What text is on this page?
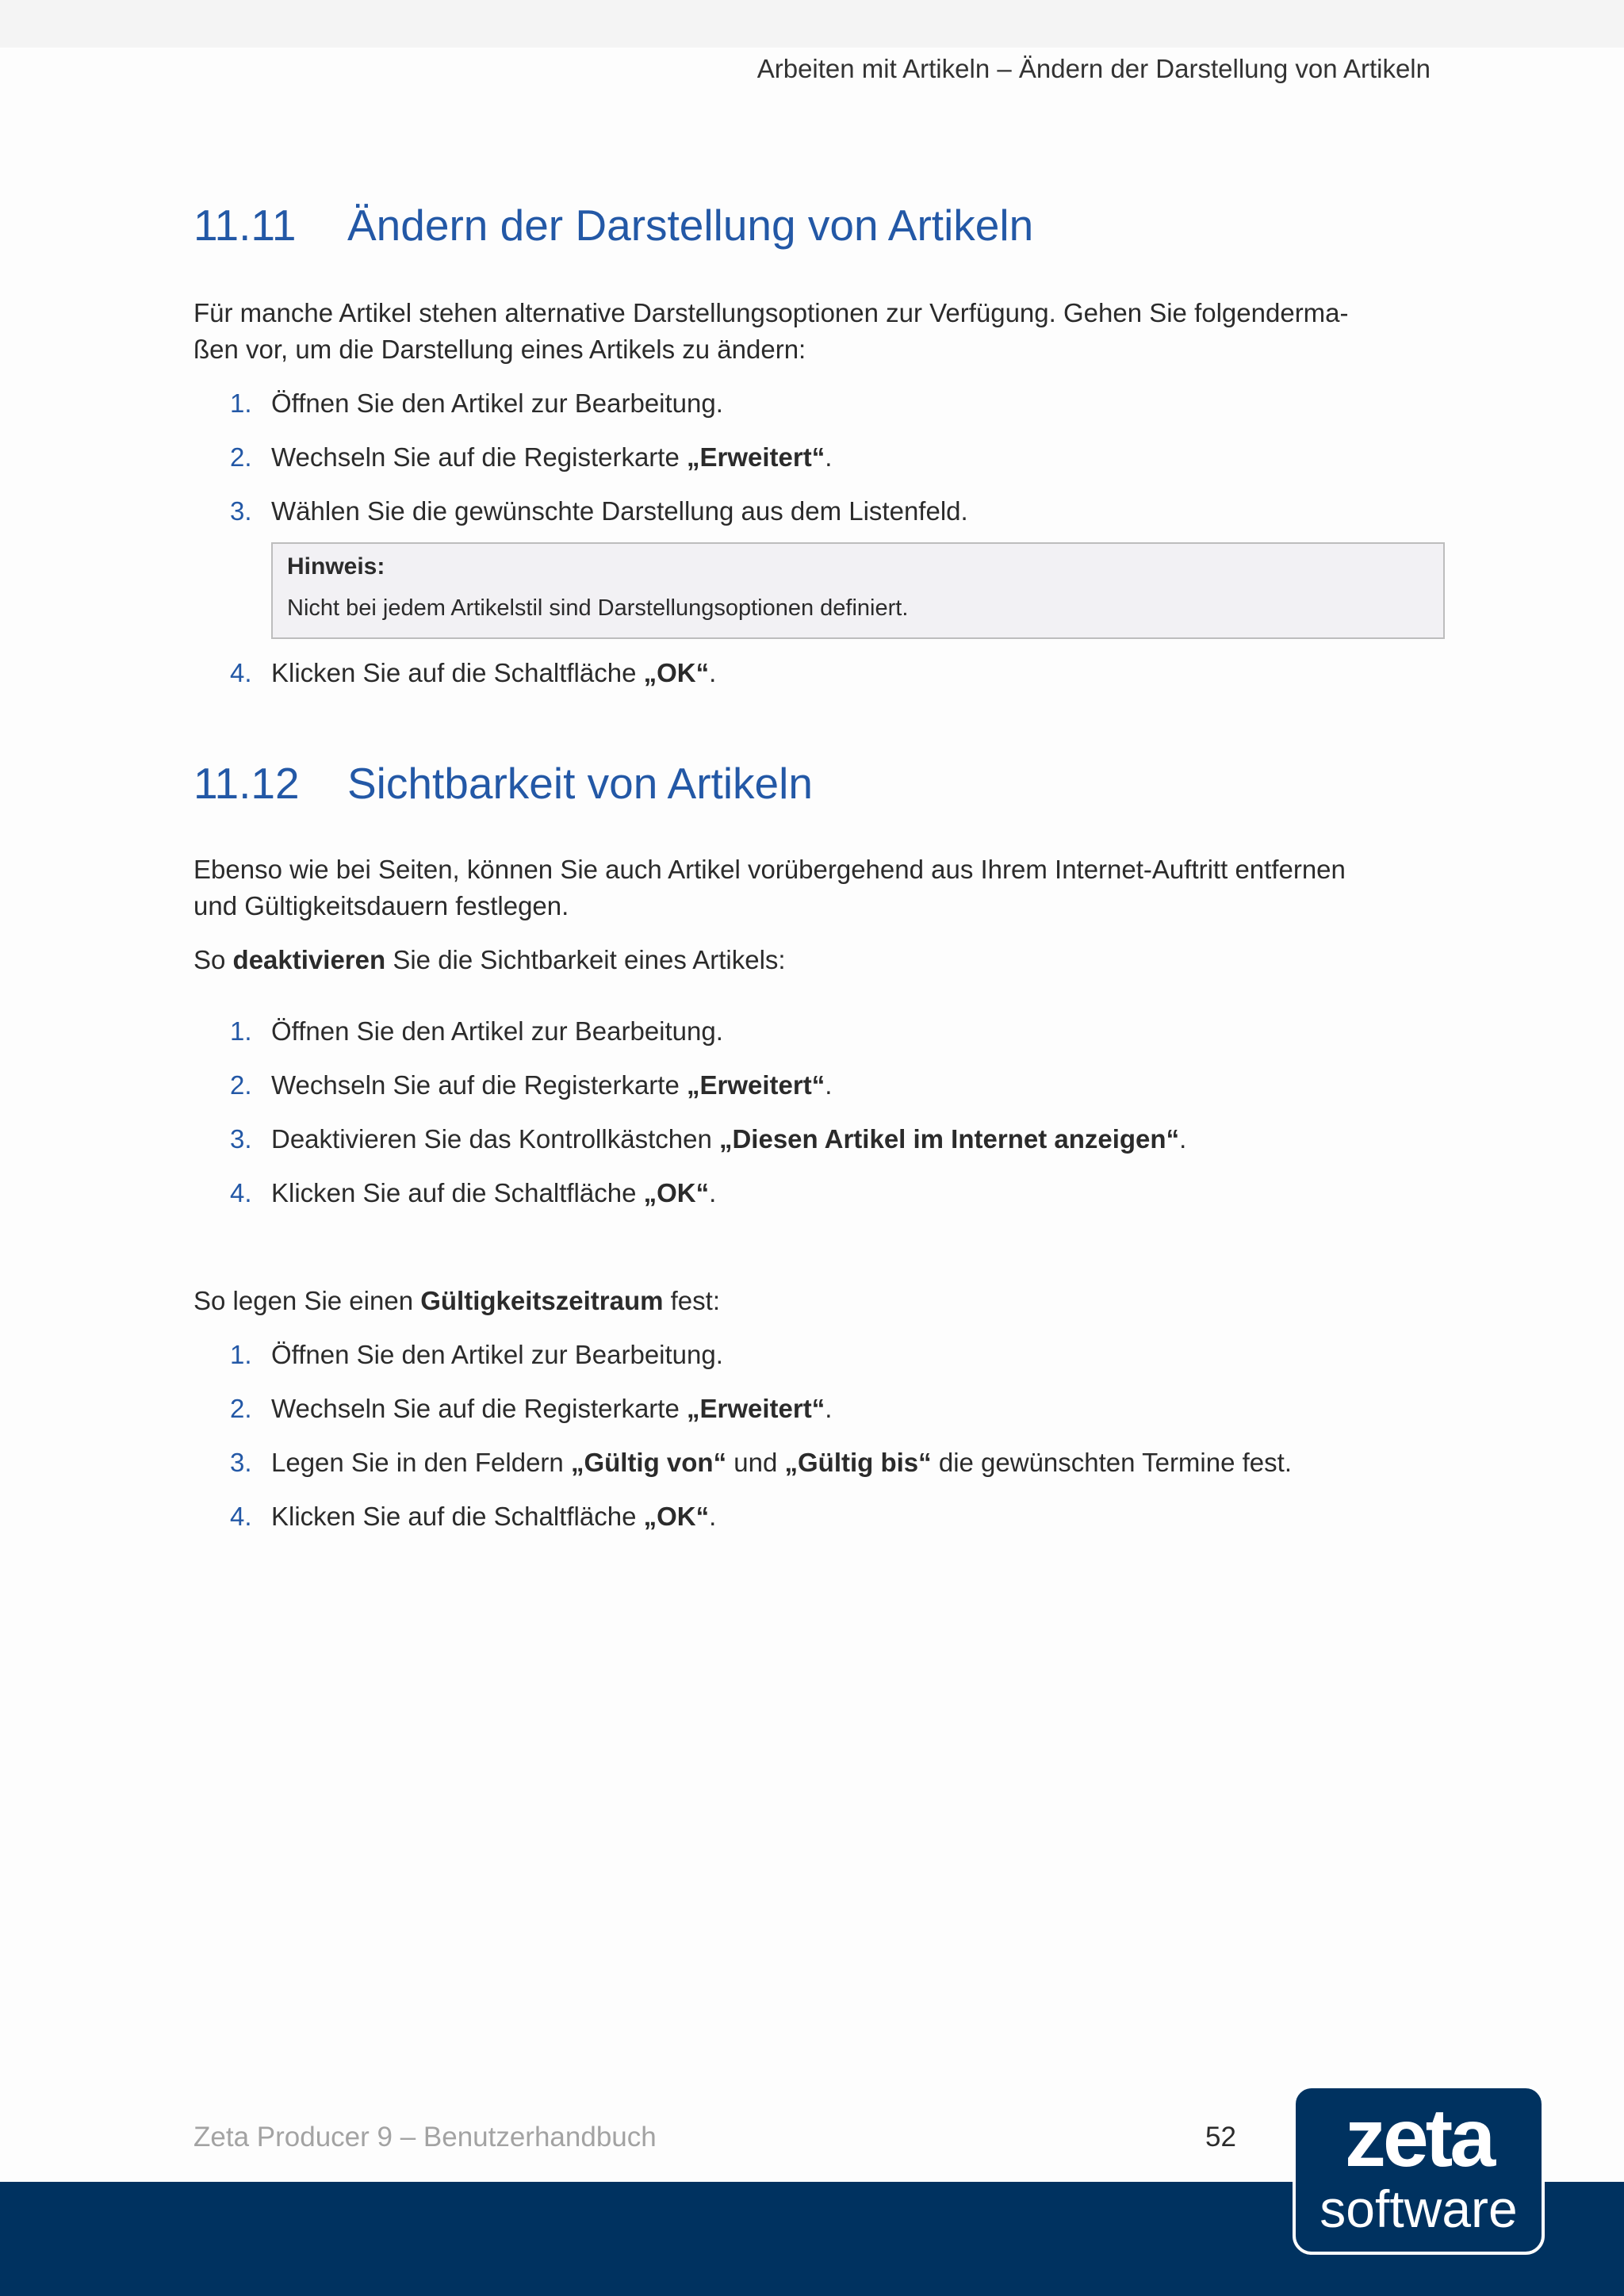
Arbeiten mit Artikeln – Ändern der Darstellung von Artikeln
11.11 Ändern der Darstellung von Artikeln

Für manche Artikel stehen alternative Darstellungsoptionen zur Verfügung. Gehen Sie folgenderma-
ßen vor, um die Darstellung eines Artikels zu ändern:

1. Öffnen Sie den Artikel zur Bearbeitung.
2. Wechseln Sie auf die Registerkarte „Erweitert“.
3. Wählen Sie die gewünschte Darstellung aus dem Listenfeld.
Hinweis:
Nicht bei jedem Artikelstil sind Darstellungsoptionen definiert.
4. Klicken Sie auf die Schaltfläche „OK“.
11.12 Sichtbarkeit von Artikeln

Ebenso wie bei Seiten, können Sie auch Artikel vorübergehend aus Ihrem Internet-Auftritt entfernen
und Gültigkeitsdauern festlegen.

So deaktivieren Sie die Sichtbarkeit eines Artikels:

1. Öffnen Sie den Artikel zur Bearbeitung.
2. Wechseln Sie auf die Registerkarte „Erweitert“.
3. Deaktivieren Sie das Kontrollkästchen „Diesen Artikel im Internet anzeigen“.
4. Klicken Sie auf die Schaltfläche „OK“.

So legen Sie einen Gültigkeitszeitraum fest:

1. Öffnen Sie den Artikel zur Bearbeitung.
2. Wechseln Sie auf die Registerkarte „Erweitert“.
3. Legen Sie in den Feldern „Gültig von“ und „Gültig bis“ die gewünschten Termine fest.
4. Klicken Sie auf die Schaltfläche „OK“.
Zeta Producer 9 – Benutzerhandbuch	52	zeta
software
